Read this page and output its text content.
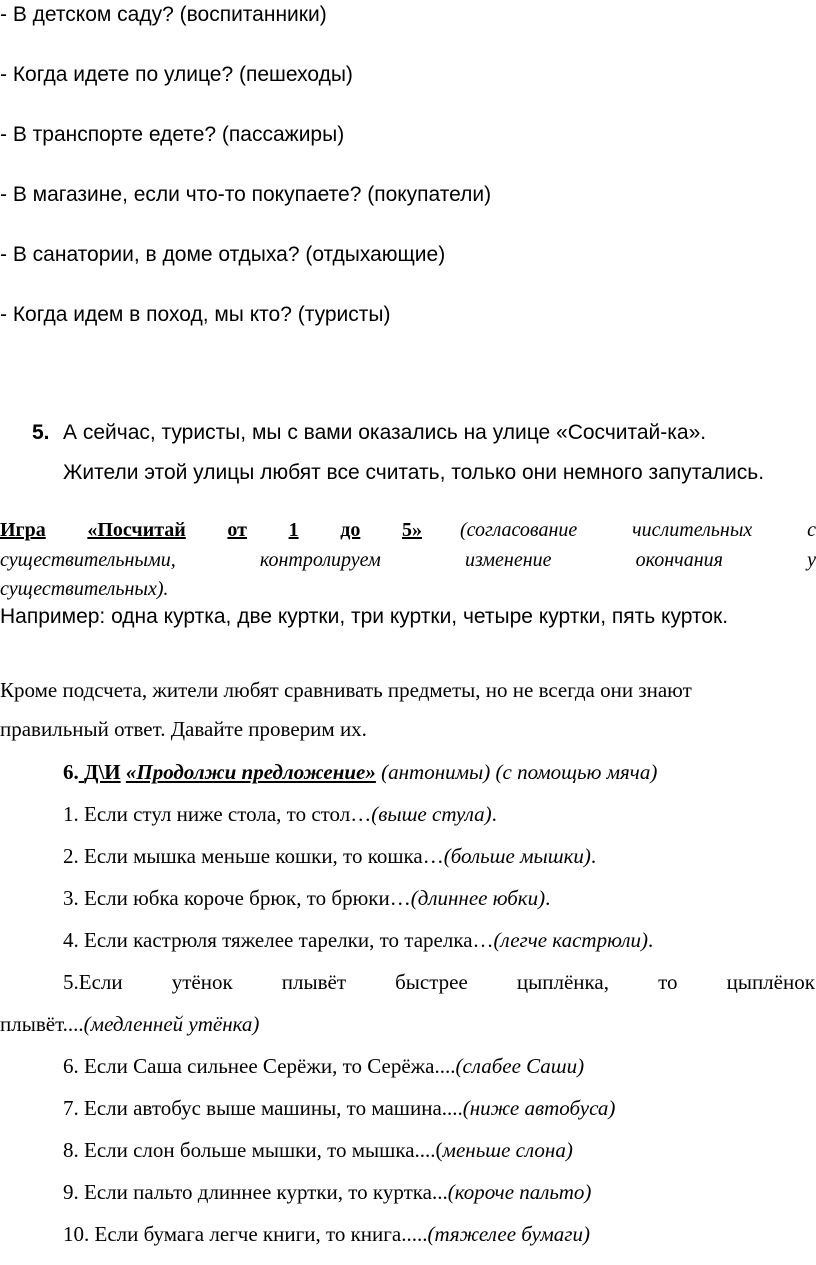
- В детском саду? (воспитанники)
- Когда идете по улице? (пешеходы)
- В транспорте едете? (пассажиры)
- В магазине, если что-то покупаете? (покупатели)
- В санатории, в доме отдыха? (отдыхающие)
- Когда идем в поход, мы кто? (туристы)
5. А сейчас, туристы, мы с вами оказались на улице «Сосчитай-ка».
Жители этой улицы любят все считать, только они немного запутались.
Игра «Посчитай от 1 до 5» (согласование	числительных	с
существительными,	контролируем	изменение	окончания	у
существительных).
Например: одна куртка, две куртки, три куртки, четыре куртки, пять курток.
Кроме подсчета, жители любят сравнивать предметы, но не всегда они знают
правильный ответ. Давайте проверим их.
6. Д\И «Продолжи предложение» (антонимы) (с помощью мяча)
1. Если стул ниже стола, то стол…(выше стула).
2. Если мышка меньше кошки, то кошка…(больше мышки).
3. Если юбка короче брюк, то брюки…(длиннее юбки).
4. Если кастрюля тяжелее тарелки, то тарелка…(легче кастрюли).
5.Если утёнок плывёт быстрее цыплёнка, то цыплёнок
плывёт....(медленней утёнка)
6. Если Саша сильнее Серёжи, то Серёжа....(слабее Саши)
7. Если автобус выше машины, то машина....(ниже автобуса)
8. Если слон больше мышки, то мышка....(меньше слона)
9. Если пальто длиннее куртки, то куртка...(короче пальто)
10. Если бумага легче книги, то книга.....(тяжелее бумаги)
